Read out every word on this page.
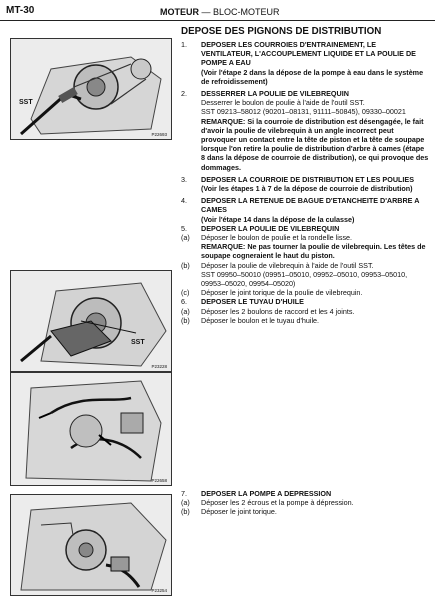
MT-30	MOTEUR — BLOC-MOTEUR
SST
P22693
SST
P23228
P22658
P23254
DEPOSE DES PIGNONS DE DISTRIBUTION
1. DEPOSER LES COURROIES D'ENTRAINEMENT, LE VENTILATEUR, L'ACCOUPLEMENT LIQUIDE ET LA POULIE DE POMPE A EAU
(Voir l'étape 2 dans la dépose de la pompe à eau dans le système de refroidissement)
2. DESSERRER LA POULIE DE VILEBREQUIN
Desserrer le boulon de poulie à l'aide de l'outil SST.
SST 09213–58012 (90201–08131, 91111–50845), 09330–00021
REMARQUE: Si la courroie de distribution est désengagée, le fait d'avoir la poulie de vilebrequin à un angle incorrect peut provoquer un contact entre la tête de piston et la tête de soupape lorsque l'on retire la poulie de distribution d'arbre à cames (étape 8 dans la dépose de courroie de distribution), ce qui provoque des dommages.
3. DEPOSER LA COURROIE DE DISTRIBUTION ET LES POULIES
(Voir les étapes 1 à 7 de la dépose de courroie de distribution)
4. DEPOSER LA RETENUE DE BAGUE D'ETANCHEITE D'ARBRE A CAMES
(Voir l'étape 14 dans la dépose de la culasse)
5. DEPOSER LA POULIE DE VILEBREQUIN
(a) Déposer le boulon de poulie et la rondelle lisse.
REMARQUE: Ne pas tourner la poulie de vilebrequin. Les têtes de soupape cogneraient le haut du piston.
(b) Déposer la poulie de vilebrequin à l'aide de l'outil SST.
SST 09950–50010 (09951–05010, 09952–05010, 09953–05010, 09953–05020, 09954–05020)
(c) Déposer le joint torique de la poulie de vilebrequin.
6. DEPOSER LE TUYAU D'HUILE
(a) Déposer les 2 boulons de raccord et les 4 joints.
(b) Déposer le boulon et le tuyau d'huile.
7. DEPOSER LA POMPE A DEPRESSION
(a) Déposer les 2 écrous et la pompe à dépression.
(b) Déposer le joint torique.
